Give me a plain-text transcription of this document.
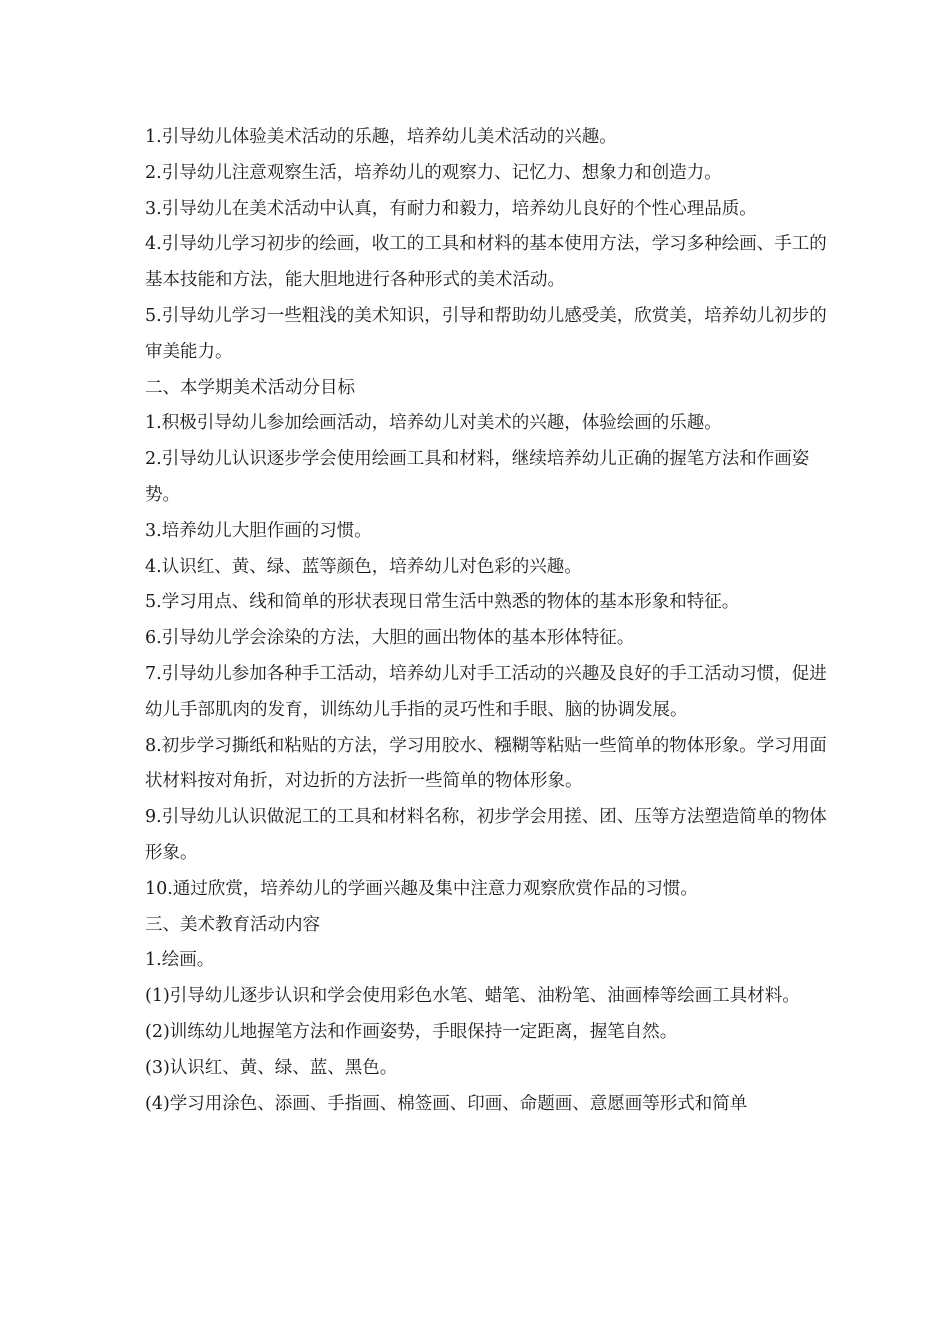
1.引导幼儿体验美术活动的乐趣，培养幼儿美术活动的兴趣。

2.引导幼儿注意观察生活，培养幼儿的观察力、记忆力、想象力和创造力。

3.引导幼儿在美术活动中认真，有耐力和毅力，培养幼儿良好的个性心理品质。

4.引导幼儿学习初步的绘画，收工的工具和材料的基本使用方法，学习多种绘画、手工的基本技能和方法，能大胆地进行各种形式的美术活动。

5.引导幼儿学习一些粗浅的美术知识，引导和帮助幼儿感受美，欣赏美，培养幼儿初步的审美能力。

二、本学期美术活动分目标

1.积极引导幼儿参加绘画活动，培养幼儿对美术的兴趣，体验绘画的乐趣。

2.引导幼儿认识逐步学会使用绘画工具和材料，继续培养幼儿正确的握笔方法和作画姿势。

3.培养幼儿大胆作画的习惯。

4.认识红、黄、绿、蓝等颜色，培养幼儿对色彩的兴趣。

5.学习用点、线和简单的形状表现日常生活中熟悉的物体的基本形象和特征。

6.引导幼儿学会涂染的方法，大胆的画出物体的基本形体特征。

7.引导幼儿参加各种手工活动，培养幼儿对手工活动的兴趣及良好的手工活动习惯，促进幼儿手部肌肉的发育，训练幼儿手指的灵巧性和手眼、脑的协调发展。

8.初步学习撕纸和粘贴的方法，学习用胶水、糨糊等粘贴一些简单的物体形象。学习用面状材料按对角折，对边折的方法折一些简单的物体形象。

9.引导幼儿认识做泥工的工具和材料名称，初步学会用搓、团、压等方法塑造简单的物体形象。

10.通过欣赏，培养幼儿的学画兴趣及集中注意力观察欣赏作品的习惯。

三、美术教育活动内容

1.绘画。

(1)引导幼儿逐步认识和学会使用彩色水笔、蜡笔、油粉笔、油画棒等绘画工具材料。

(2)训练幼儿地握笔方法和作画姿势，手眼保持一定距离，握笔自然。

(3)认识红、黄、绿、蓝、黑色。

(4)学习用涂色、添画、手指画、棉签画、印画、命题画、意愿画等形式和简单
